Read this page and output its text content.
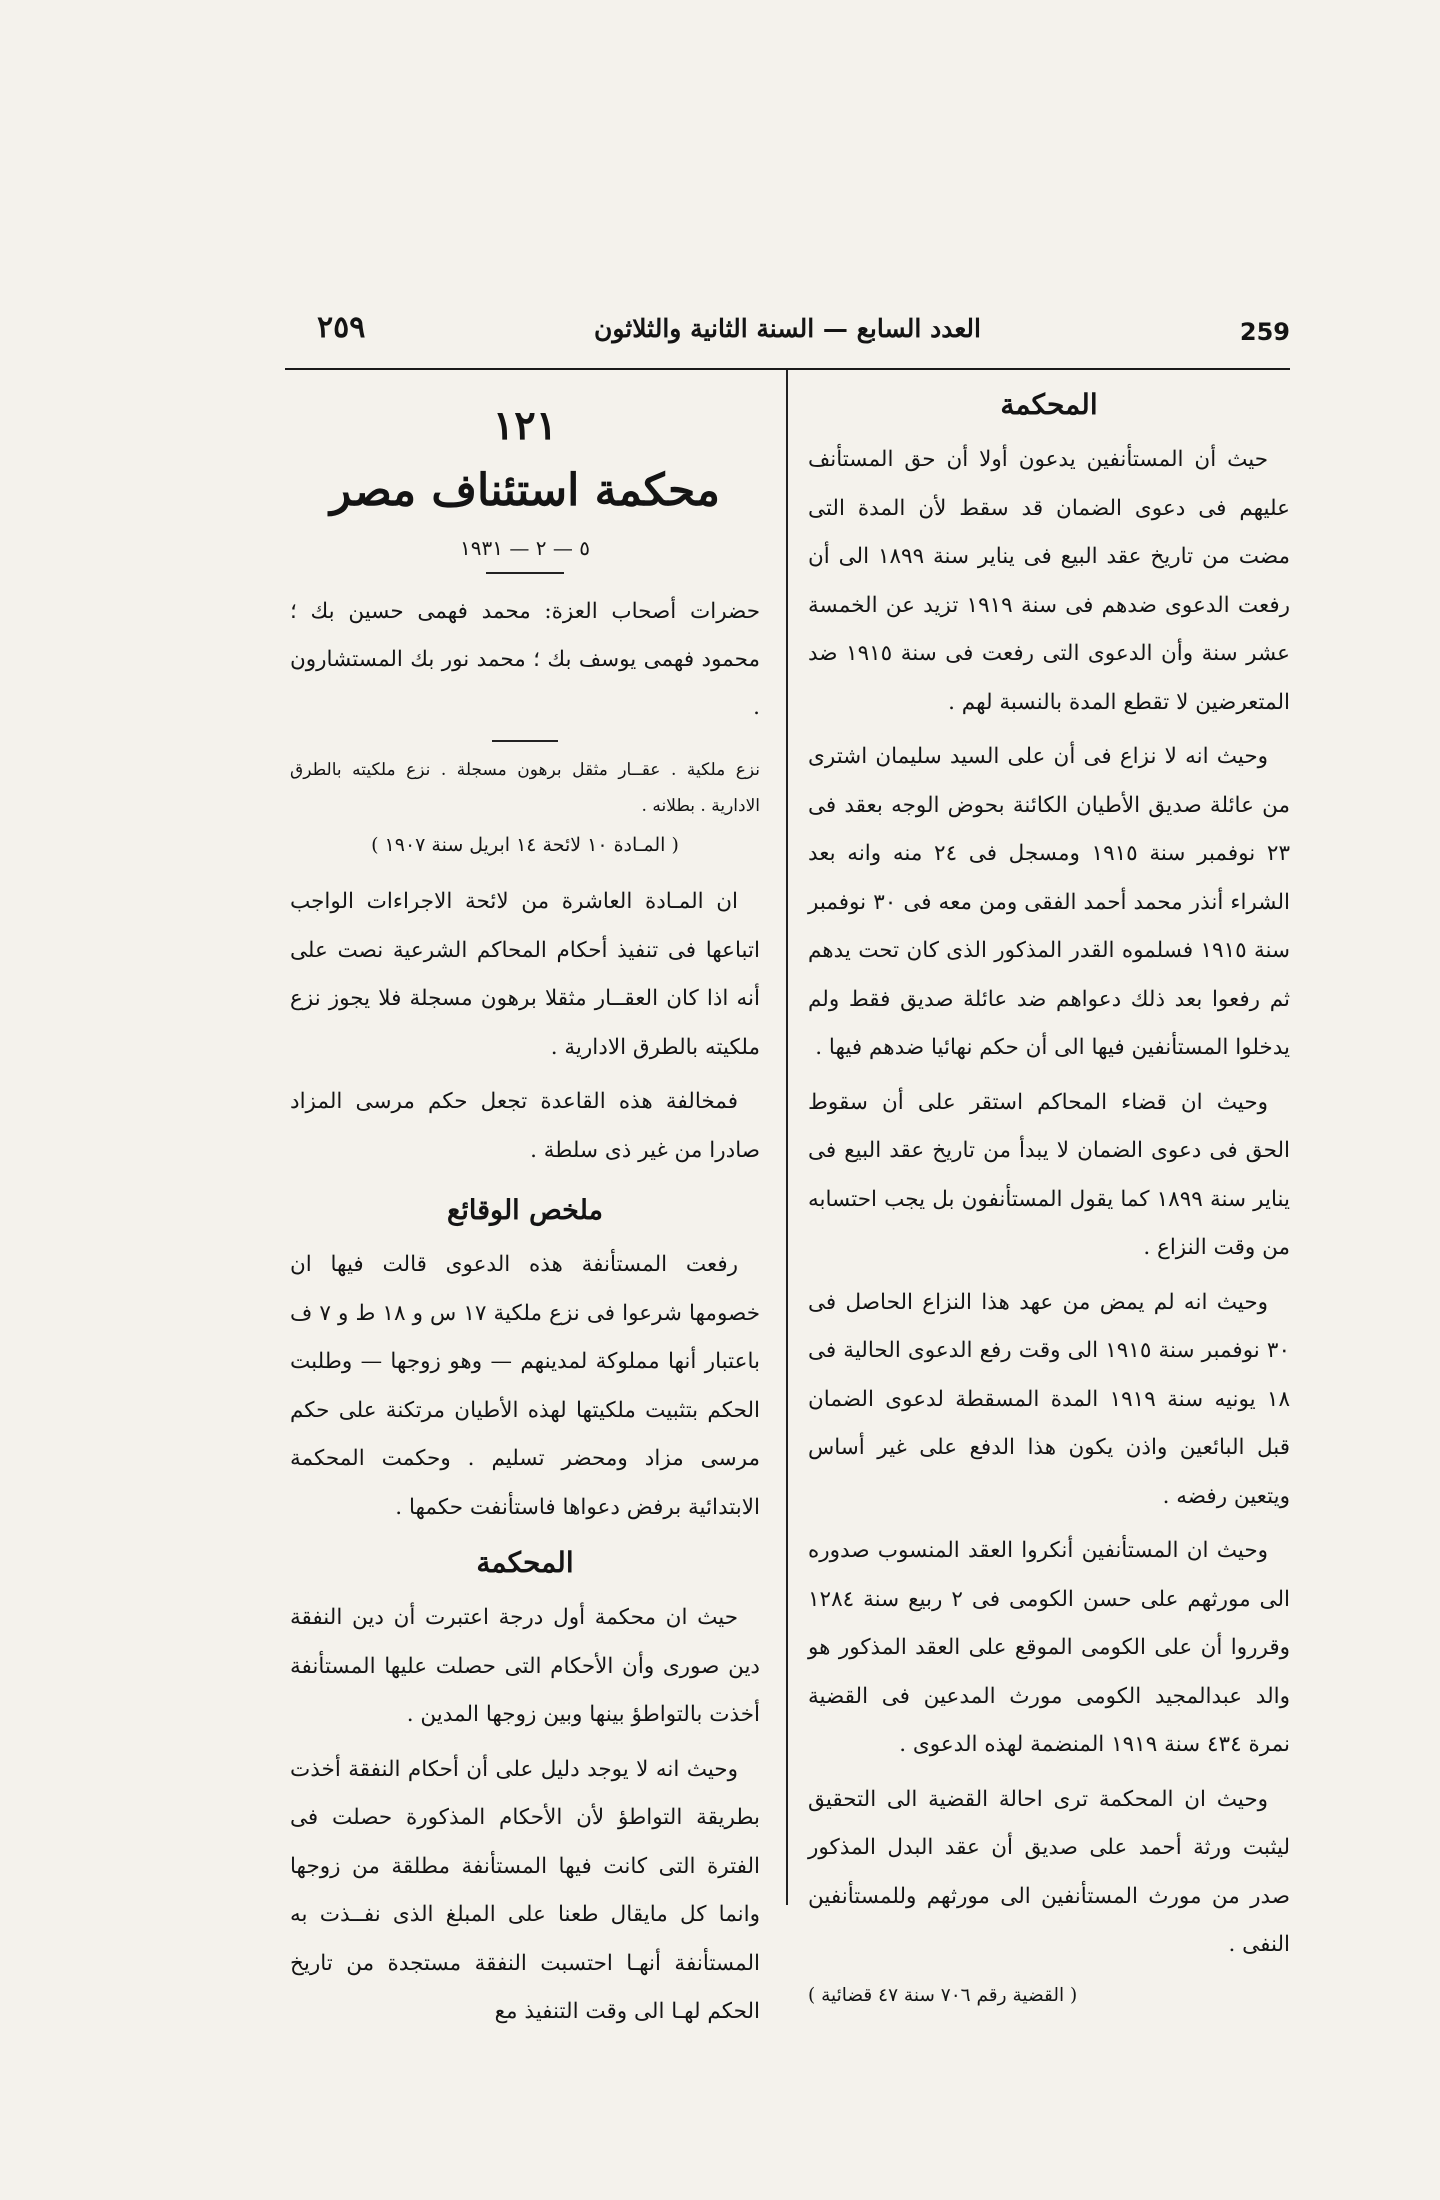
٢٥٩	العدد السابع — السنة الثانية والثلاثون	259

المحكمة

حيث أن المستأنفين يدعون أولا أن حق المستأنف عليهم فى دعوى الضمان قد سقط لأن المدة التى مضت من تاريخ عقد البيع فى يناير سنة ١٨٩٩ الى أن رفعت الدعوى ضدهم فى سنة ١٩١٩ تزيد عن الخمسة عشر سنة وأن الدعوى التى رفعت فى سنة ١٩١٥ ضد المتعرضين لا تقطع المدة بالنسبة لهم .

وحيث انه لا نزاع فى أن على السيد سليمان اشترى من عائلة صديق الأطيان الكائنة بحوض الوجه بعقد فى ٢٣ نوفمبر سنة ١٩١٥ ومسجل فى ٢٤ منه وانه بعد الشراء أنذر محمد أحمد الفقى ومن معه فى ٣٠ نوفمبر سنة ١٩١٥ فسلموه القدر المذكور الذى كان تحت يدهم ثم رفعوا بعد ذلك دعواهم ضد عائلة صديق فقط ولم يدخلوا المستأنفين فيها الى أن حكم نهائيا ضدهم فيها .

وحيث ان قضاء المحاكم استقر على أن سقوط الحق فى دعوى الضمان لا يبدأ من تاريخ عقد البيع فى يناير سنة ١٨٩٩ كما يقول المستأنفون بل يجب احتسابه من وقت النزاع .

وحيث انه لم يمض من عهد هذا النزاع الحاصل فى ٣٠ نوفمبر سنة ١٩١٥ الى وقت رفع الدعوى الحالية فى ١٨ يونيه سنة ١٩١٩ المدة المسقطة لدعوى الضمان قبل البائعين واذن يكون هذا الدفع على غير أساس ويتعين رفضه .

وحيث ان المستأنفين أنكروا العقد المنسوب صدوره الى مورثهم على حسن الكومى فى ٢ ربيع سنة ١٢٨٤ وقرروا أن على الكومى الموقع على العقد المذكور هو والد عبدالمجيد الكومى مورث المدعين فى القضية نمرة ٤٣٤ سنة ١٩١٩ المنضمة لهذه الدعوى .

وحيث ان المحكمة ترى احالة القضية الى التحقيق ليثبت ورثة أحمد على صديق أن عقد البدل المذكور صدر من مورث المستأنفين الى مورثهم وللمستأنفين النفى .

( القضية رقم ٧٠٦ سنة ٤٧ قضائية )

١٢١

محكمة استئناف مصر

٥ — ٢ — ١٩٣١

حضرات أصحاب العزة: محمد فهمى حسين بك ؛ محمود فهمى يوسف بك ؛ محمد نور بك المستشارون .

نزع ملكية . عقــار مثقل برهون مسجلة . نزع ملكيته بالطرق الادارية . بطلانه .

( المـادة ١٠ لائحة ١٤ ابريل سنة ١٩٠٧ )

ان المـادة العاشرة من لائحة الاجراءات الواجب اتباعها فى تنفيذ أحكام المحاكم الشرعية نصت على أنه اذا كان العقــار مثقلا برهون مسجلة فلا يجوز نزع ملكيته بالطرق الادارية .

فمخالفة هذه القاعدة تجعل حكم مرسى المزاد صادرا من غير ذى سلطة .

ملخص الوقائع

رفعت المستأنفة هذه الدعوى قالت فيها ان خصومها شرعوا فى نزع ملكية ١٧ س و ١٨ ط و ٧ ف باعتبار أنها مملوكة لمدينهم — وهو زوجها — وطلبت الحكم بتثبيت ملكيتها لهذه الأطيان مرتكنة على حكم مرسى مزاد ومحضر تسليم . وحكمت المحكمة الابتدائية برفض دعواها فاستأنفت حكمها .

المحكمة

حيث ان محكمة أول درجة اعتبرت أن دين النفقة دين صورى وأن الأحكام التى حصلت عليها المستأنفة أخذت بالتواطؤ بينها وبين زوجها المدين .

وحيث انه لا يوجد دليل على أن أحكام النفقة أخذت بطريقة التواطؤ لأن الأحكام المذكورة حصلت فى الفترة التى كانت فيها المستأنفة مطلقة من زوجها وانما كل مايقال طعنا على المبلغ الذى نفــذت به المستأنفة أنهـا احتسبت النفقة مستجدة من تاريخ الحكم لهـا الى وقت التنفيذ مع
